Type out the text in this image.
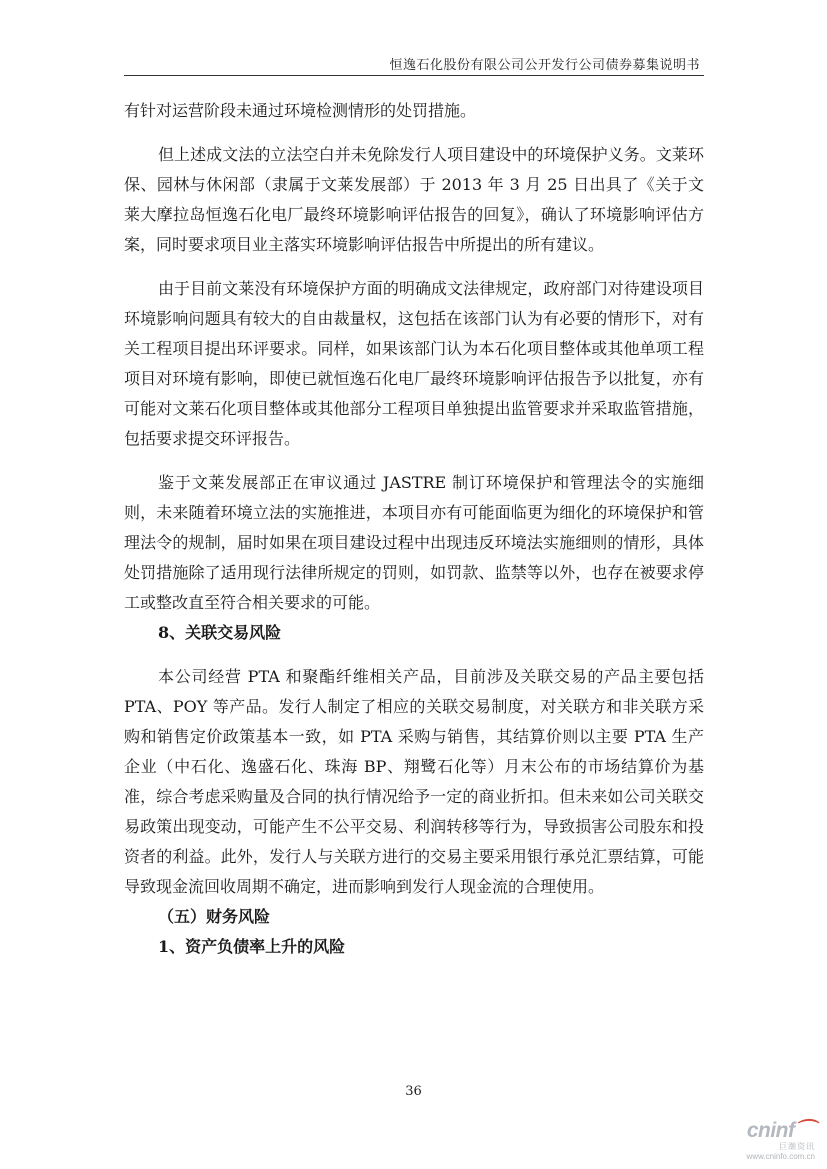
恒逸石化股份有限公司公开发行公司债券募集说明书

有针对运营阶段未通过环境检测情形的处罚措施。

但上述成文法的立法空白并未免除发行人项目建设中的环境保护义务。文莱环保、园林与休闲部（隶属于文莱发展部）于 2013 年 3 月 25 日出具了《关于文莱大摩拉岛恒逸石化电厂最终环境影响评估报告的回复》，确认了环境影响评估方案，同时要求项目业主落实环境影响评估报告中所提出的所有建议。

由于目前文莱没有环境保护方面的明确成文法律规定，政府部门对待建设项目环境影响问题具有较大的自由裁量权，这包括在该部门认为有必要的情形下，对有关工程项目提出环评要求。同样，如果该部门认为本石化项目整体或其他单项工程项目对环境有影响，即使已就恒逸石化电厂最终环境影响评估报告予以批复，亦有可能对文莱石化项目整体或其他部分工程项目单独提出监管要求并采取监管措施，包括要求提交环评报告。

鉴于文莱发展部正在审议通过 JASTRE 制订环境保护和管理法令的实施细则，未来随着环境立法的实施推进，本项目亦有可能面临更为细化的环境保护和管理法令的规制，届时如果在项目建设过程中出现违反环境法实施细则的情形，具体处罚措施除了适用现行法律所规定的罚则，如罚款、监禁等以外，也存在被要求停工或整改直至符合相关要求的可能。

8、关联交易风险

本公司经营 PTA 和聚酯纤维相关产品，目前涉及关联交易的产品主要包括 PTA、POY 等产品。发行人制定了相应的关联交易制度，对关联方和非关联方采购和销售定价政策基本一致，如 PTA 采购与销售，其结算价则以主要 PTA 生产企业（中石化、逸盛石化、珠海 BP、翔鹭石化等）月末公布的市场结算价为基准，综合考虑采购量及合同的执行情况给予一定的商业折扣。但未来如公司关联交易政策出现变动，可能产生不公平交易、利润转移等行为，导致损害公司股东和投资者的利益。此外，发行人与关联方进行的交易主要采用银行承兑汇票结算，可能导致现金流回收周期不确定，进而影响到发行人现金流的合理使用。

（五）财务风险

1、资产负债率上升的风险

36
cninf⌒
巨潮资讯
www.cninfo.com.cn
